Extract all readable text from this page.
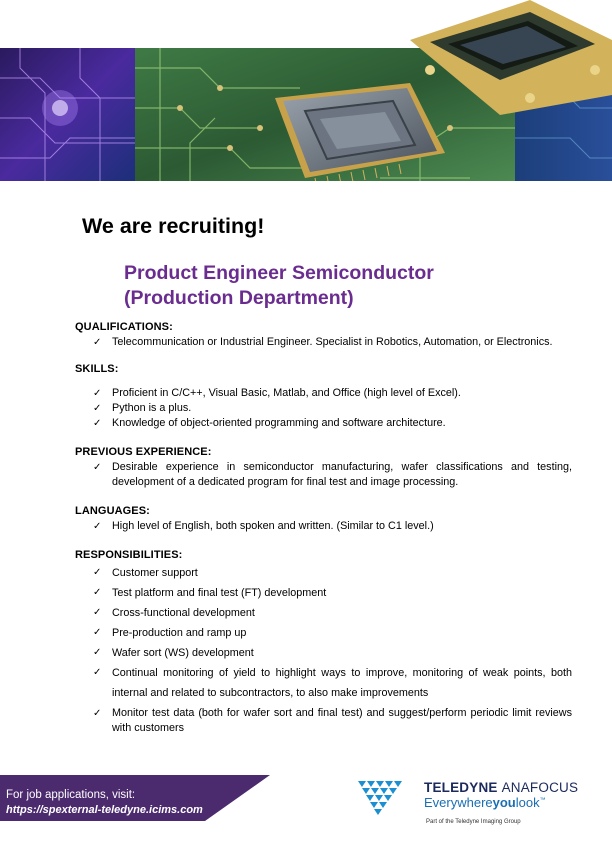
We are recruiting!
Product Engineer Semiconductor
(Production Department)
QUALIFICATIONS:
✓ Telecommunication or Industrial Engineer. Specialist in Robotics, Automation, or Electronics.
SKILLS:
✓ Proficient in C/C++, Visual Basic, Matlab, and Office (high level of Excel).
✓ Python is a plus.
✓ Knowledge of object-oriented programming and software architecture.
PREVIOUS EXPERIENCE:
✓ Desirable experience in semiconductor manufacturing, wafer classifications and testing, development of a dedicated program for final test and image processing.
LANGUAGES:
✓ High level of English, both spoken and written. (Similar to C1 level.)
RESPONSIBILITIES:
✓ Customer support
✓ Test platform and final test (FT) development
✓ Cross-functional development
✓ Pre-production and ramp up
✓ Wafer sort (WS) development
✓ Continual monitoring of yield to highlight ways to improve, monitoring of weak points, both internal and related to subcontractors, to also make improvements
✓ Monitor test data (both for wafer sort and final test) and suggest/perform periodic limit reviews with customers
For job applications, visit:
https://spexternal-teledyne.icims.com
TELEDYNE ANAFOCUS
Everywhereyoulook™
Part of the Teledyne Imaging Group
